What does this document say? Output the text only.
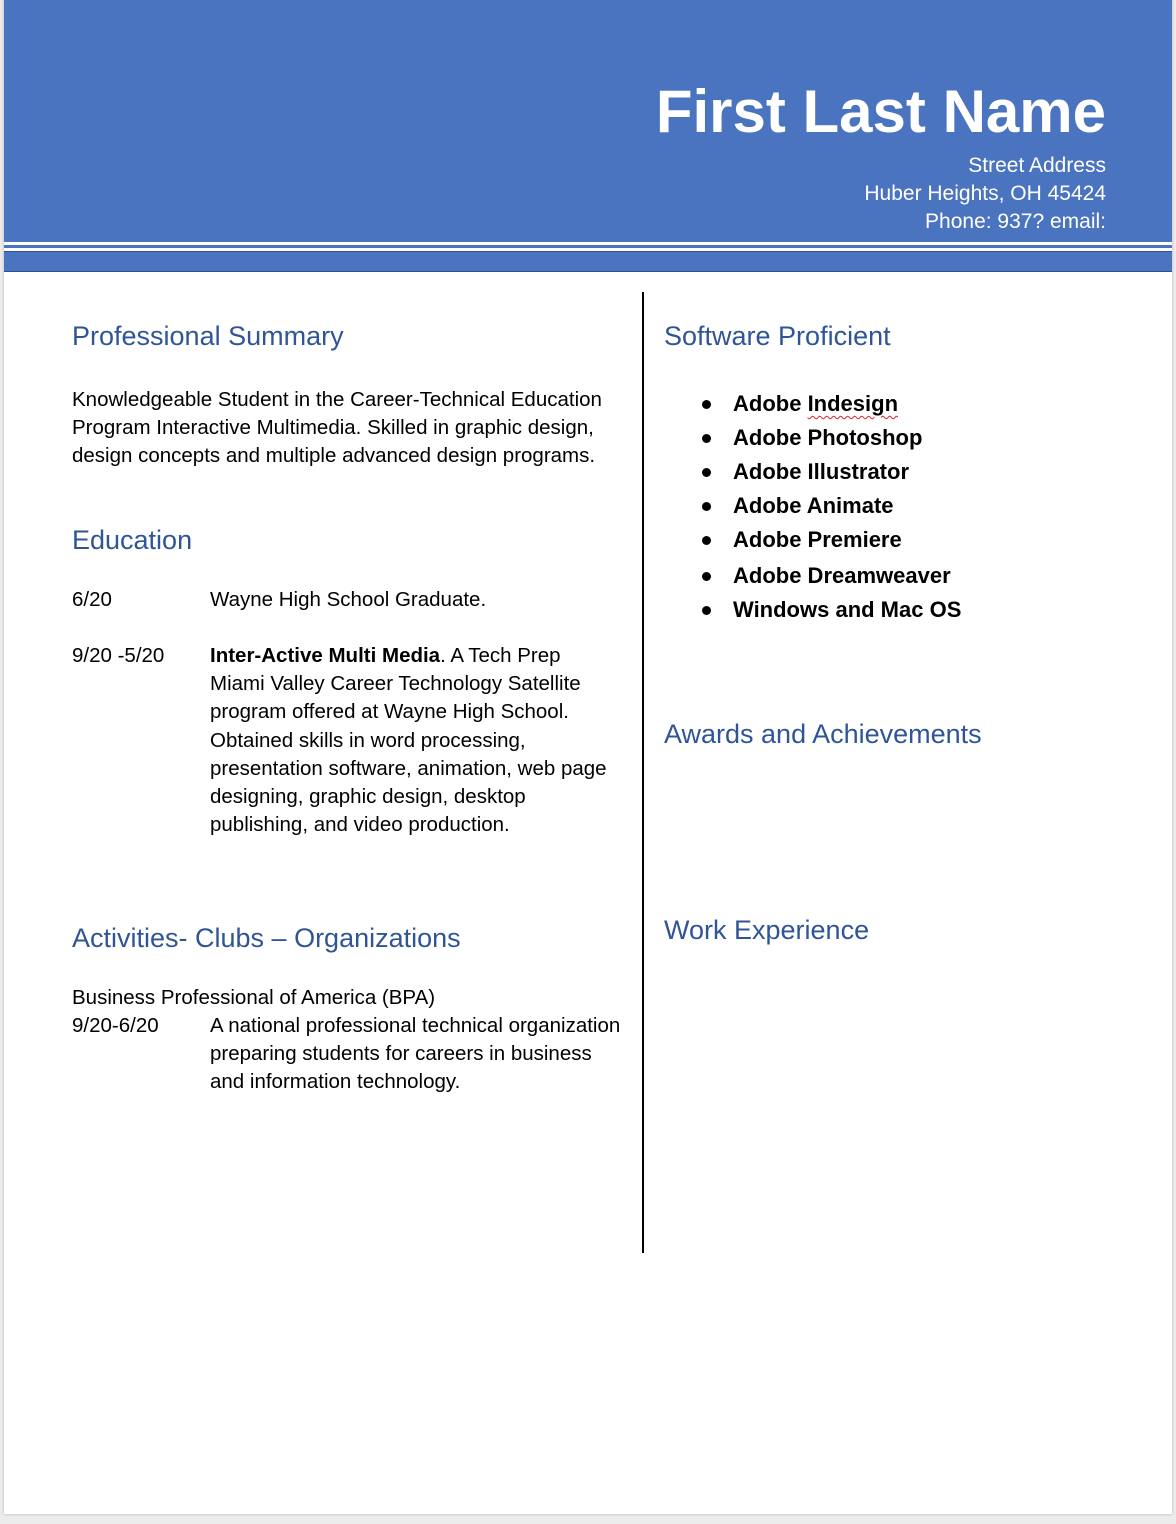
First Last Name
Street Address
Huber Heights, OH 45424
Phone: 937? email:
Professional Summary
Knowledgeable Student in the Career-Technical Education Program Interactive Multimedia. Skilled in graphic design, design concepts and multiple advanced design programs.
Education
6/20	Wayne High School Graduate.
9/20 -5/20 Inter-Active Multi Media. A Tech Prep Miami Valley Career Technology Satellite program offered at Wayne High School. Obtained skills in word processing, presentation software, animation, web page designing, graphic design, desktop publishing, and video production.
Activities- Clubs – Organizations
Business Professional of America (BPA)
9/20-6/20	A national professional technical organization preparing students for careers in business and information technology.
Software Proficient
Adobe Indesign
Adobe Photoshop
Adobe Illustrator
Adobe Animate
Adobe Premiere
Adobe Dreamweaver
Windows and Mac OS
Awards and Achievements
Work Experience
